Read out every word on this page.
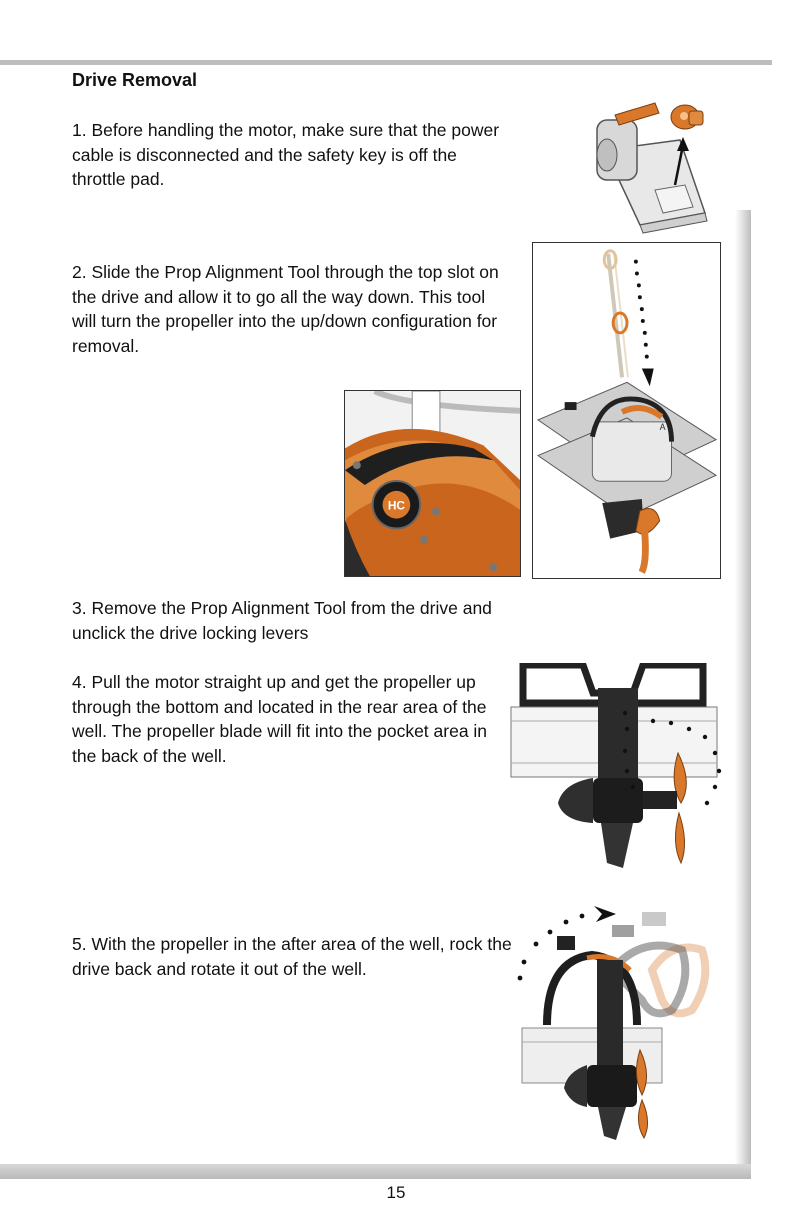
Drive Removal

1. Before handling the motor, make sure that the power cable is disconnected and the safety key is off the throttle pad.

2. Slide the Prop Alignment Tool through the top slot on the drive and allow it to go all the way down. This tool will turn the propeller into the up/down configuration for removal.

3. Remove the Prop Alignment Tool from the drive and unclick the drive locking levers

4. Pull the motor straight up and get the propeller up through the bottom and located in the rear area of the well. The propeller blade will fit into the pocket area in the back of the well.

5. With the propeller in the after area of the well, rock the drive back and rotate it out of the well.

A
HC
15
